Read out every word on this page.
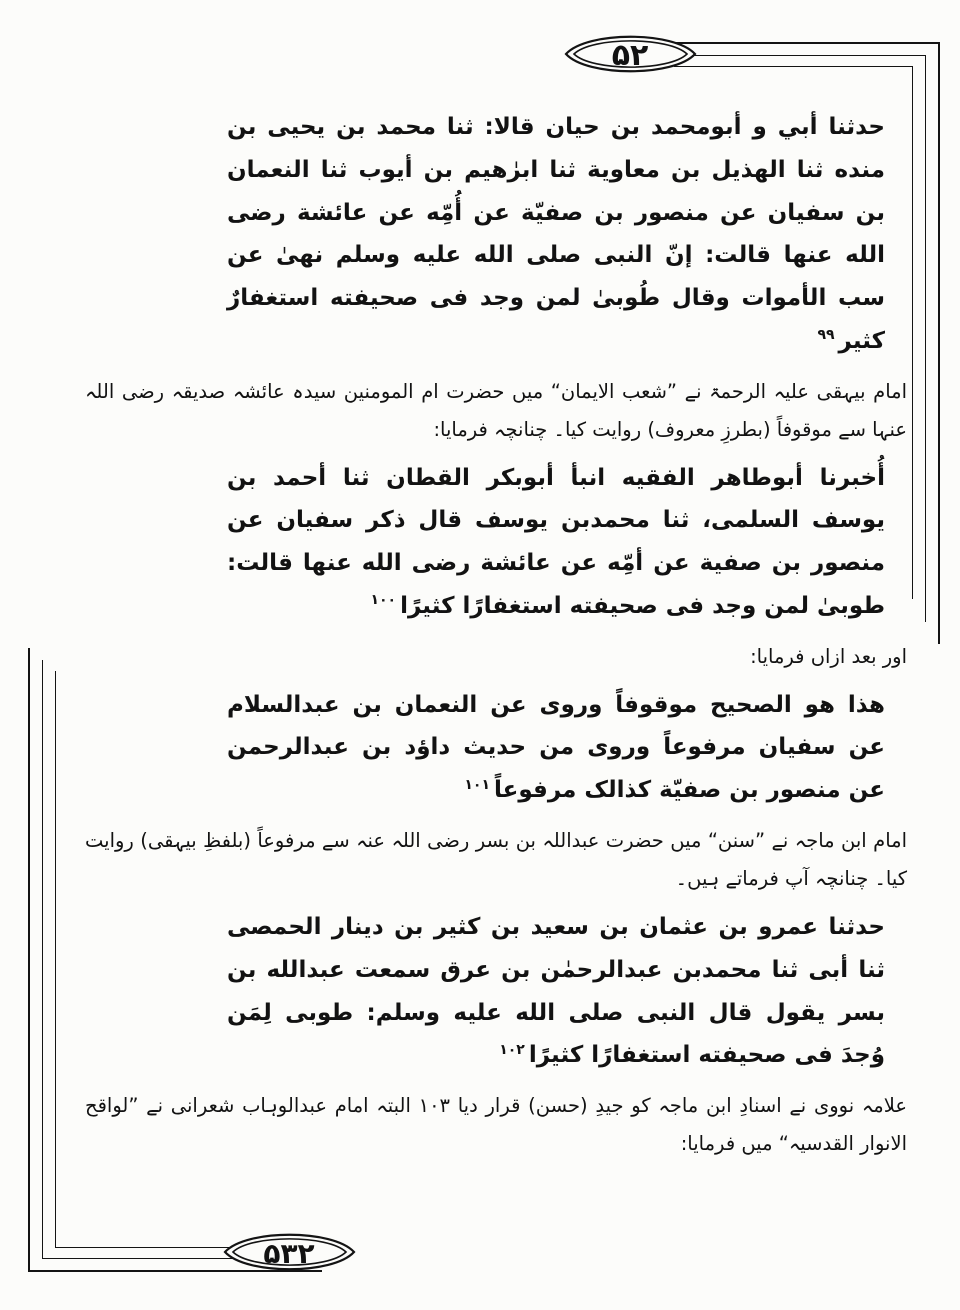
۵۲

حدثنا أبي و أبومحمد بن حيان قالا: ثنا محمد بن يحيى بن منده ثنا الهذيل بن معاوية ثنا ابرٰهيم بن أيوب ثنا النعمان بن سفيان عن منصور بن صفيّة عن أُمِّه عن عائشة رضى الله عنها قالت: إنّ النبى صلى الله عليه وسلم نهىٰ عن سب الأموات وقال طُوبىٰ لمن وجد فى صحيفته استغفارٌ كثير$^{۹۹}$

امام بیہقی علیہ الرحمۃ نے ”شعب الایمان“ میں حضرت ام المومنین سیدہ عائشہ صدیقہ رضی اللہ عنہا سے موقوفاً (بطرزِ معروف) روایت کیا۔ چنانچہ فرمایا:

أُخبرنا أبوطاهر الفقيه انبأ أبوبكر القطان ثنا أحمد بن يوسف السلمى، ثنا محمدبن يوسف قال ذكر سفيان عن منصور بن صفية عن أمِّه عن عائشة رضى الله عنها قالت: طوبىٰ لمن وجد فى صحيفته استغفارًا كثيرًا$^{۱۰۰}$

اور بعد ازاں فرمایا:

هذا هو الصحيح موقوفاً وروى عن النعمان بن عبدالسلام عن سفيان مرفوعاً وروى من حديث داؤد بن عبدالرحمن عن منصور بن صفيّة كذالک مرفوعاً$^{۱۰۱}$

امام ابن ماجہ نے ”سنن“ میں حضرت عبداللہ بن بسر رضی اللہ عنہ سے مرفوعاً (بلفظِ بیہقی) روایت کیا۔ چنانچہ آپ فرماتے ہیں۔

حدثنا عمرو بن عثمان بن سعيد بن كثير بن دينار الحمصى ثنا أبى ثنا محمدبن عبدالرحمٰن بن عرق سمعت عبدالله بن بسر يقول قال النبى صلى الله عليه وسلم: طوبى لِمَن وُجدَ فى صحيفته استغفارًا كثيرًا$^{۱۰۲}$

علامہ نووی نے اسنادِ ابن ماجہ کو جیدِ (حسن) قرار دیا ۱۰۳ البتہ امام عبدالوہاب شعرانی نے ”لواقح الانوار القدسیہ“ میں فرمایا:

۵۳۲
